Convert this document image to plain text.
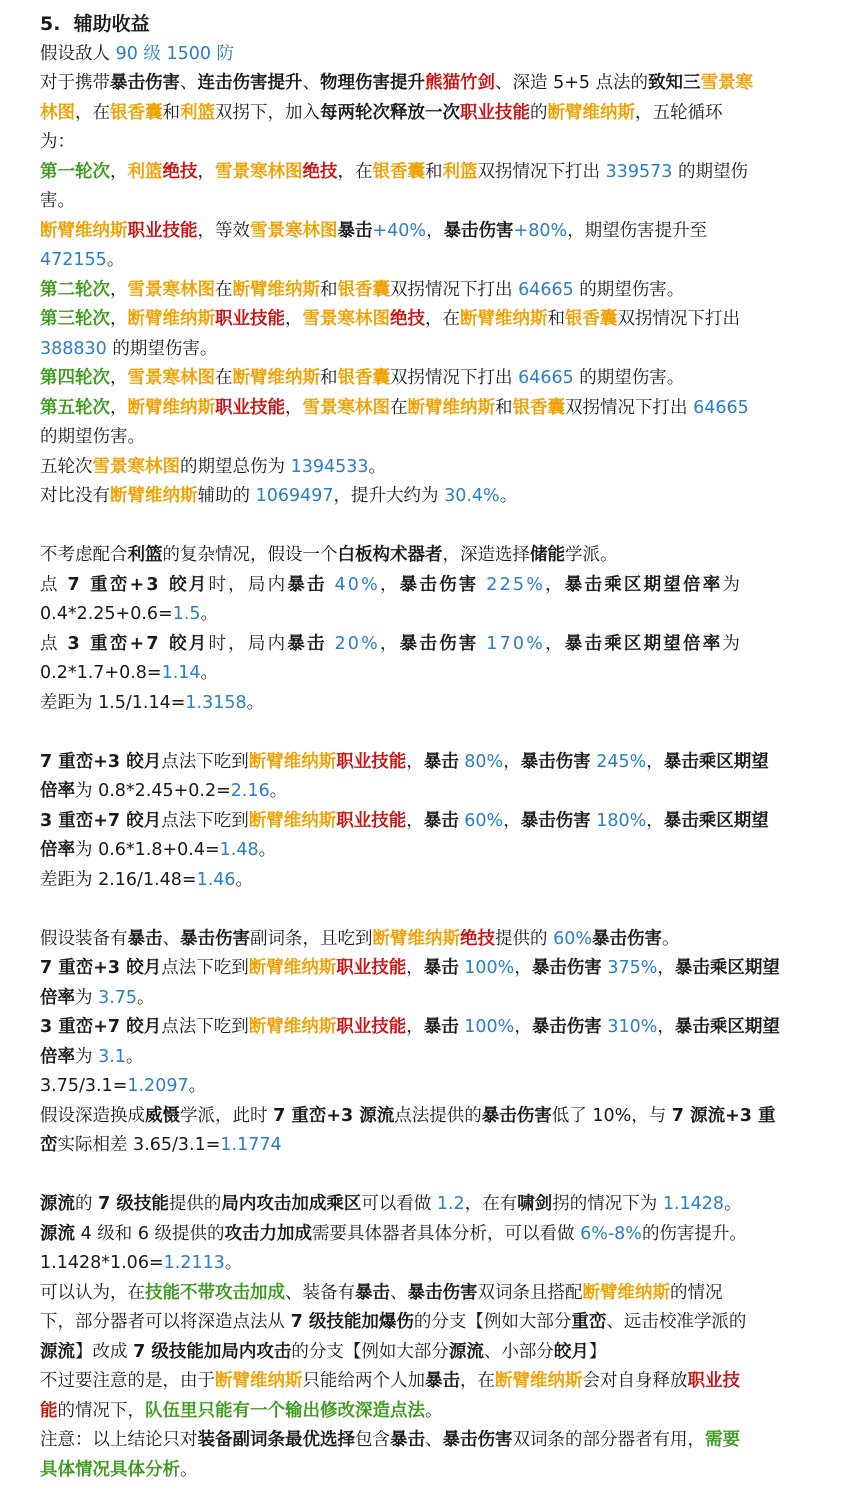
5.  辅助收益
假设敌人 90 级 1500 防
对于携带暴击伤害、连击伤害提升、物理伤害提升熊猫竹剑、深造 5+5 点法的致知三雪景寒
林图，在银香囊和利篮双拐下，加入每两轮次释放一次职业技能的断臂维纳斯，五轮循环
为：
第一轮次，利篮绝技，雪景寒林图绝技，在银香囊和利篮双拐情况下打出 339573 的期望伤
害。
断臂维纳斯职业技能，等效雪景寒林图暴击+40%，暴击伤害+80%，期望伤害提升至
472155。
第二轮次，雪景寒林图在断臂维纳斯和银香囊双拐情况下打出 64665 的期望伤害。
第三轮次，断臂维纳斯职业技能，雪景寒林图绝技，在断臂维纳斯和银香囊双拐情况下打出
388830 的期望伤害。
第四轮次，雪景寒林图在断臂维纳斯和银香囊双拐情况下打出 64665 的期望伤害。
第五轮次，断臂维纳斯职业技能，雪景寒林图在断臂维纳斯和银香囊双拐情况下打出 64665
的期望伤害。
五轮次雪景寒林图的期望总伤为 1394533。
对比没有断臂维纳斯辅助的 1069497，提升大约为 30.4%。
不考虑配合利篮的复杂情况，假设一个白板构术器者，深造选择储能学派。
点 7 重峦+3 皎月时，局内暴击 40%，暴击伤害 225%，暴击乘区期望倍率为
0.4*2.25+0.6=1.5。
点 3 重峦+7 皎月时，局内暴击 20%，暴击伤害 170%，暴击乘区期望倍率为
0.2*1.7+0.8=1.14。
差距为 1.5/1.14=1.3158。
7 重峦+3 皎月点法下吃到断臂维纳斯职业技能，暴击 80%，暴击伤害 245%，暴击乘区期望
倍率为 0.8*2.45+0.2=2.16。
3 重峦+7 皎月点法下吃到断臂维纳斯职业技能，暴击 60%，暴击伤害 180%，暴击乘区期望
倍率为 0.6*1.8+0.4=1.48。
差距为 2.16/1.48=1.46。
假设装备有暴击、暴击伤害副词条，且吃到断臂维纳斯绝技提供的 60%暴击伤害。
7 重峦+3 皎月点法下吃到断臂维纳斯职业技能，暴击 100%，暴击伤害 375%，暴击乘区期望
倍率为 3.75。
3 重峦+7 皎月点法下吃到断臂维纳斯职业技能，暴击 100%，暴击伤害 310%，暴击乘区期望
倍率为 3.1。
3.75/3.1=1.2097。
假设深造换成威慑学派，此时 7 重峦+3 源流点法提供的暴击伤害低了 10%，与 7 源流+3 重
峦实际相差 3.65/3.1=1.1774
源流的 7 级技能提供的局内攻击加成乘区可以看做 1.2，在有啸剑拐的情况下为 1.1428。
源流 4 级和 6 级提供的攻击力加成需要具体器者具体分析，可以看做 6%-8%的伤害提升。
1.1428*1.06=1.2113。
可以认为，在技能不带攻击加成、装备有暴击、暴击伤害双词条且搭配断臂维纳斯的情况
下，部分器者可以将深造点法从 7 级技能加爆伤的分支【例如大部分重峦、远击校准学派的
源流】改成 7 级技能加局内攻击的分支【例如大部分源流、小部分皎月】
不过要注意的是，由于断臂维纳斯只能给两个人加暴击，在断臂维纳斯会对自身释放职业技
能的情况下，队伍里只能有一个输出修改深造点法。
注意：以上结论只对装备副词条最优选择包含暴击、暴击伤害双词条的部分器者有用，需要
具体情况具体分析。
